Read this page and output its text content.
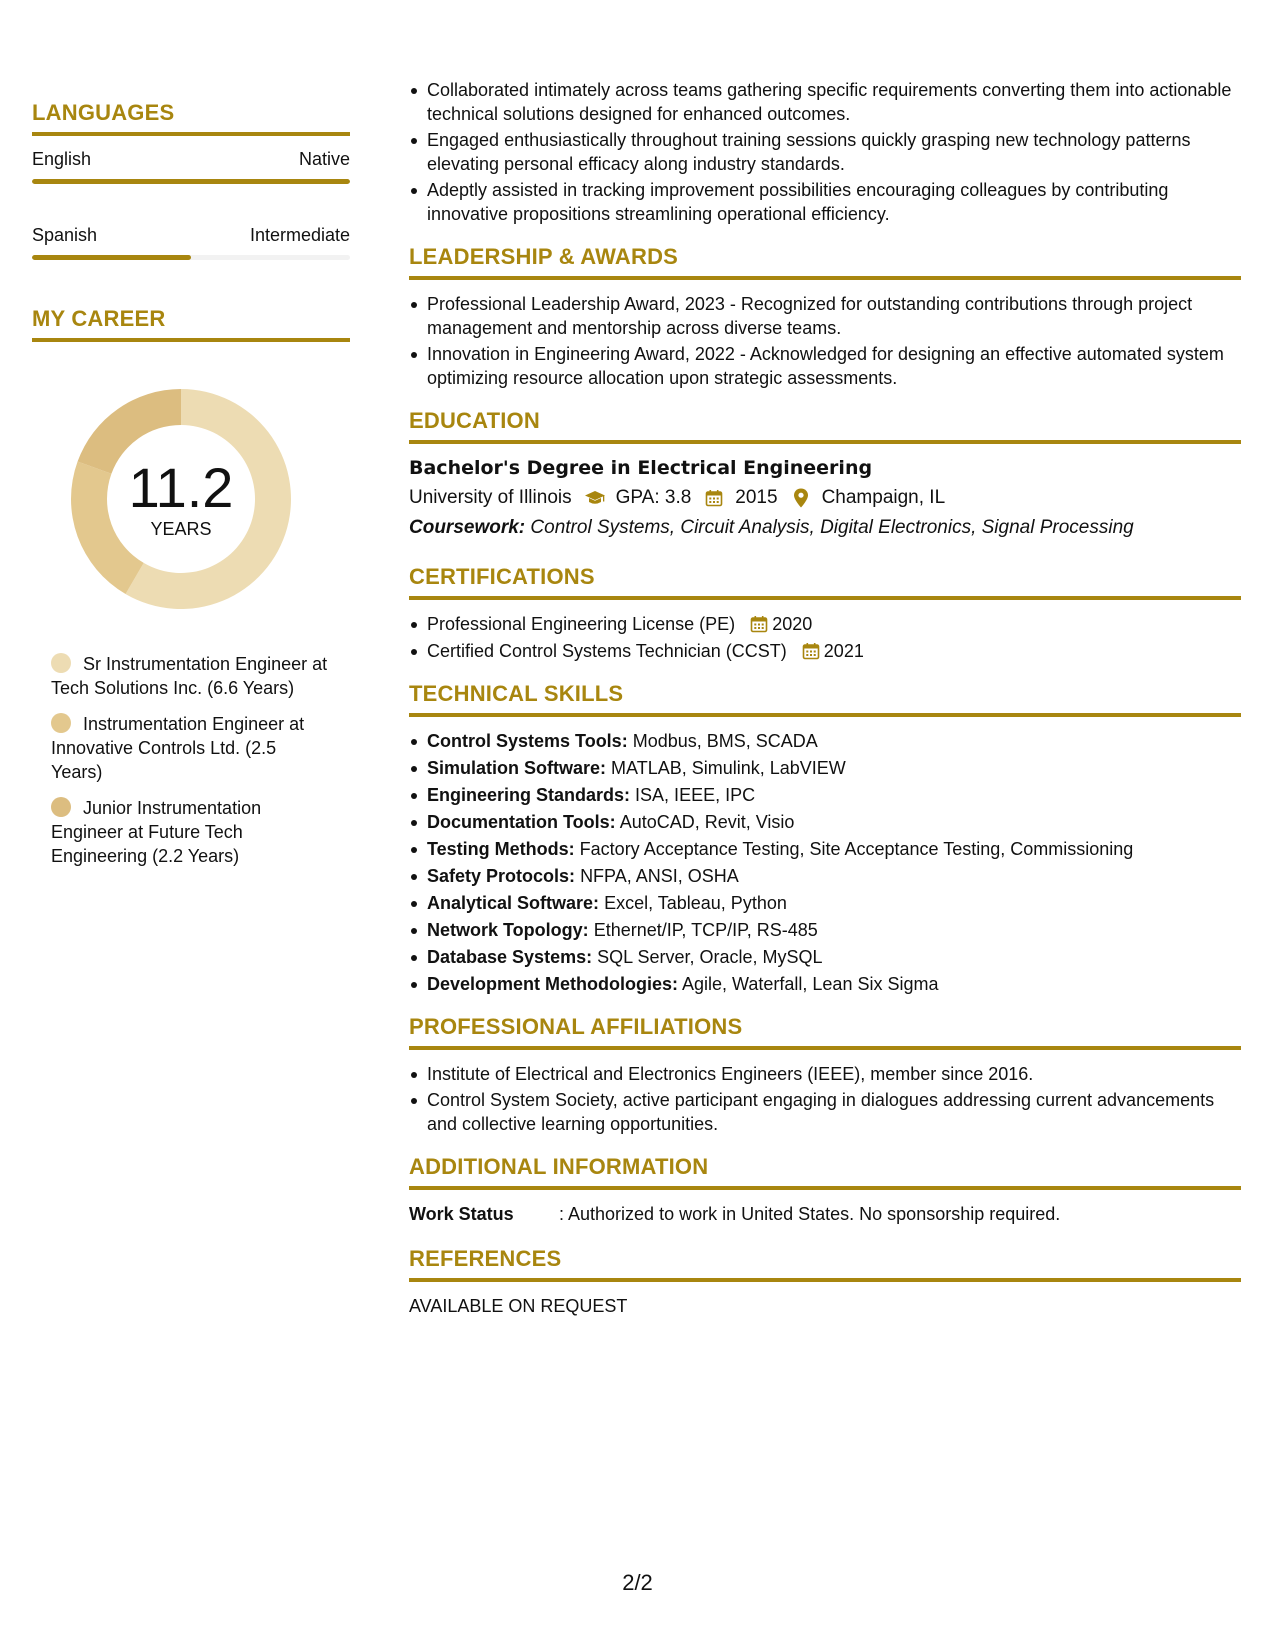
LANGUAGES
English	Native
Spanish	Intermediate
MY CAREER
11.2
YEARS
Sr Instrumentation Engineer at Tech Solutions Inc. (6.6 Years)
Instrumentation Engineer at Innovative Controls Ltd. (2.5 Years)
Junior Instrumentation Engineer at Future Tech Engineering (2.2 Years)
Collaborated intimately across teams gathering specific requirements converting them into actionable technical solutions designed for enhanced outcomes.
Engaged enthusiastically throughout training sessions quickly grasping new technology patterns elevating personal efficacy along industry standards.
Adeptly assisted in tracking improvement possibilities encouraging colleagues by contributing innovative propositions streamlining operational efficiency.
LEADERSHIP & AWARDS
Professional Leadership Award, 2023 - Recognized for outstanding contributions through project management and mentorship across diverse teams.
Innovation in Engineering Award, 2022 - Acknowledged for designing an effective automated system optimizing resource allocation upon strategic assessments.
EDUCATION
Bachelor's Degree in Electrical Engineering
University of Illinois GPA: 3.8 2015 Champaign, IL
Coursework: Control Systems, Circuit Analysis, Digital Electronics, Signal Processing
CERTIFICATIONS
Professional Engineering License (PE) 2020
Certified Control Systems Technician (CCST) 2021
TECHNICAL SKILLS
Control Systems Tools: Modbus, BMS, SCADA
Simulation Software: MATLAB, Simulink, LabVIEW
Engineering Standards: ISA, IEEE, IPC
Documentation Tools: AutoCAD, Revit, Visio
Testing Methods: Factory Acceptance Testing, Site Acceptance Testing, Commissioning
Safety Protocols: NFPA, ANSI, OSHA
Analytical Software: Excel, Tableau, Python
Network Topology: Ethernet/IP, TCP/IP, RS-485
Database Systems: SQL Server, Oracle, MySQL
Development Methodologies: Agile, Waterfall, Lean Six Sigma
PROFESSIONAL AFFILIATIONS
Institute of Electrical and Electronics Engineers (IEEE), member since 2016.
Control System Society, active participant engaging in dialogues addressing current advancements and collective learning opportunities.
ADDITIONAL INFORMATION
Work Status	: Authorized to work in United States. No sponsorship required.
REFERENCES
AVAILABLE ON REQUEST
2/2
